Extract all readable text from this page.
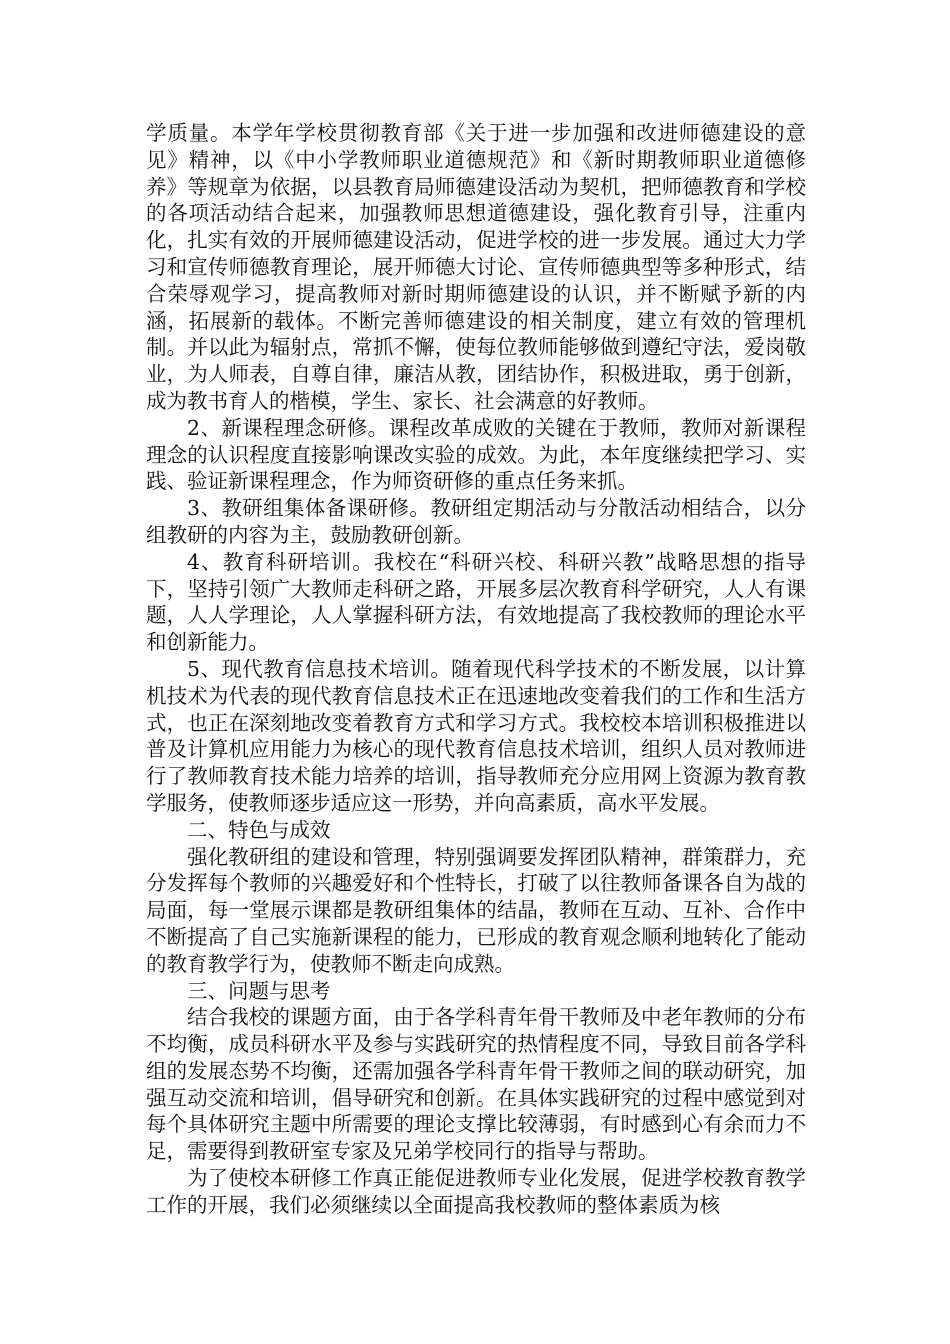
学质量。本学年学校贯彻教育部《关于进一步加强和改进师德建设的意见》精神，以《中小学教师职业道德规范》和《新时期教师职业道德修养》等规章为依据，以县教育局师德建设活动为契机，把师德教育和学校的各项活动结合起来，加强教师思想道德建设，强化教育引导，注重内化，扎实有效的开展师德建设活动，促进学校的进一步发展。通过大力学习和宣传师德教育理论，展开师德大讨论、宣传师德典型等多种形式，结合荣辱观学习，提高教师对新时期师德建设的认识，并不断赋予新的内涵，拓展新的载体。不断完善师德建设的相关制度，建立有效的管理机制。并以此为辐射点，常抓不懈，使每位教师能够做到遵纪守法，爱岗敬业，为人师表，自尊自律，廉洁从教，团结协作，积极进取，勇于创新，成为教书育人的楷模，学生、家长、社会满意的好教师。

2、新课程理念研修。课程改革成败的关键在于教师，教师对新课程理念的认识程度直接影响课改实验的成效。为此，本年度继续把学习、实践、验证新课程理念，作为师资研修的重点任务来抓。

3、教研组集体备课研修。教研组定期活动与分散活动相结合，以分组教研的内容为主，鼓励教研创新。

4、教育科研培训。我校在“科研兴校、科研兴教”战略思想的指导下，坚持引领广大教师走科研之路，开展多层次教育科学研究，人人有课题，人人学理论，人人掌握科研方法，有效地提高了我校教师的理论水平和创新能力。

5、现代教育信息技术培训。随着现代科学技术的不断发展，以计算机技术为代表的现代教育信息技术正在迅速地改变着我们的工作和生活方式，也正在深刻地改变着教育方式和学习方式。我校校本培训积极推进以普及计算机应用能力为核心的现代教育信息技术培训，组织人员对教师进行了教师教育技术能力培养的培训，指导教师充分应用网上资源为教育教学服务，使教师逐步适应这一形势，并向高素质，高水平发展。

二、特色与成效

强化教研组的建设和管理，特别强调要发挥团队精神，群策群力，充分发挥每个教师的兴趣爱好和个性特长，打破了以往教师备课各自为战的局面，每一堂展示课都是教研组集体的结晶，教师在互动、互补、合作中不断提高了自己实施新课程的能力，已形成的教育观念顺利地转化了能动的教育教学行为，使教师不断走向成熟。

三、问题与思考

结合我校的课题方面，由于各学科青年骨干教师及中老年教师的分布不均衡，成员科研水平及参与实践研究的热情程度不同，导致目前各学科组的发展态势不均衡，还需加强各学科青年骨干教师之间的联动研究，加强互动交流和培训，倡导研究和创新。在具体实践研究的过程中感觉到对每个具体研究主题中所需要的理论支撑比较薄弱，有时感到心有余而力不足，需要得到教研室专家及兄弟学校同行的指导与帮助。

为了使校本研修工作真正能促进教师专业化发展，促进学校教育教学工作的开展，我们必须继续以全面提高我校教师的整体素质为核
